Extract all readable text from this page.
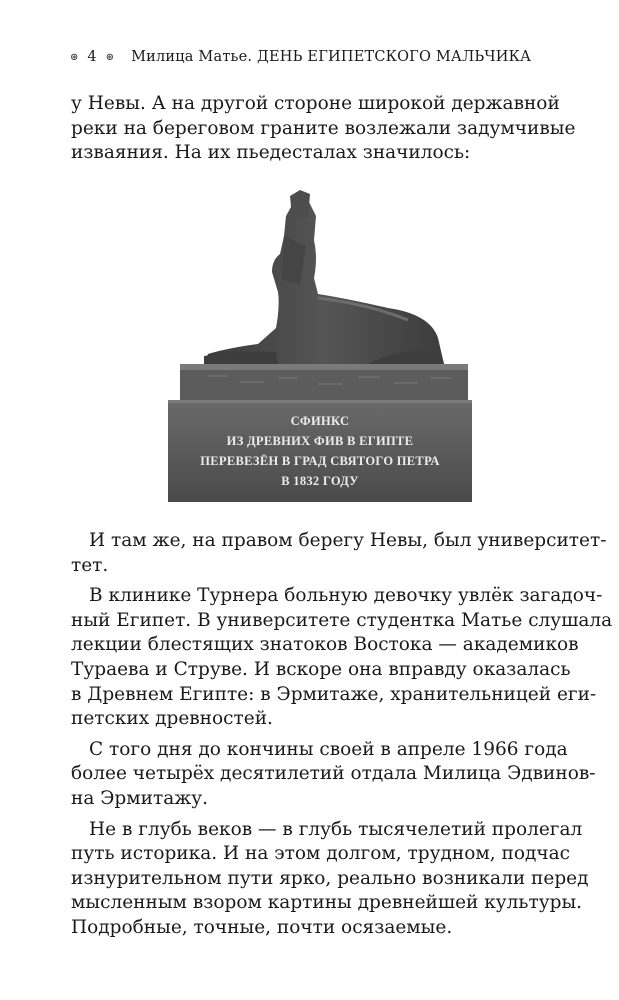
⊛ 4 ⊛ Милица Матье. ДЕНЬ ЕГИПЕТСКОГО МАЛЬЧИКА
у Невы. А на другой стороне широкой державной
реки на береговом граните возлежали задумчивые
изваяния. На их пьедесталах значилось:
СФИНКС
ИЗ ДРЕВНИХ ФИВ В ЕГИПТЕ
ПЕРЕВЕЗЁН В ГРАД СВЯТОГО ПЕТРА
В 1832 ГОДУ
И там же, на правом берегу Невы, был университет-
тет.
В клинике Турнера больную девочку увлёк загадоч-
ный Египет. В университете студентка Матье слушала
лекции блестящих знатоков Востока — академиков
Тураева и Струве. И вскоре она вправду оказалась
в Древнем Египте: в Эрмитаже, хранительницей еги-
петских древностей.
С того дня до кончины своей в апреле 1966 года
более четырёх десятилетий отдала Милица Эдвинов-
на Эрмитажу.
Не в глубь веков — в глубь тысячелетий пролегал
путь историка. И на этом долгом, трудном, подчас
изнурительном пути ярко, реально возникали перед
мысленным взором картины древнейшей культуры.
Подробные, точные, почти осязаемые.
